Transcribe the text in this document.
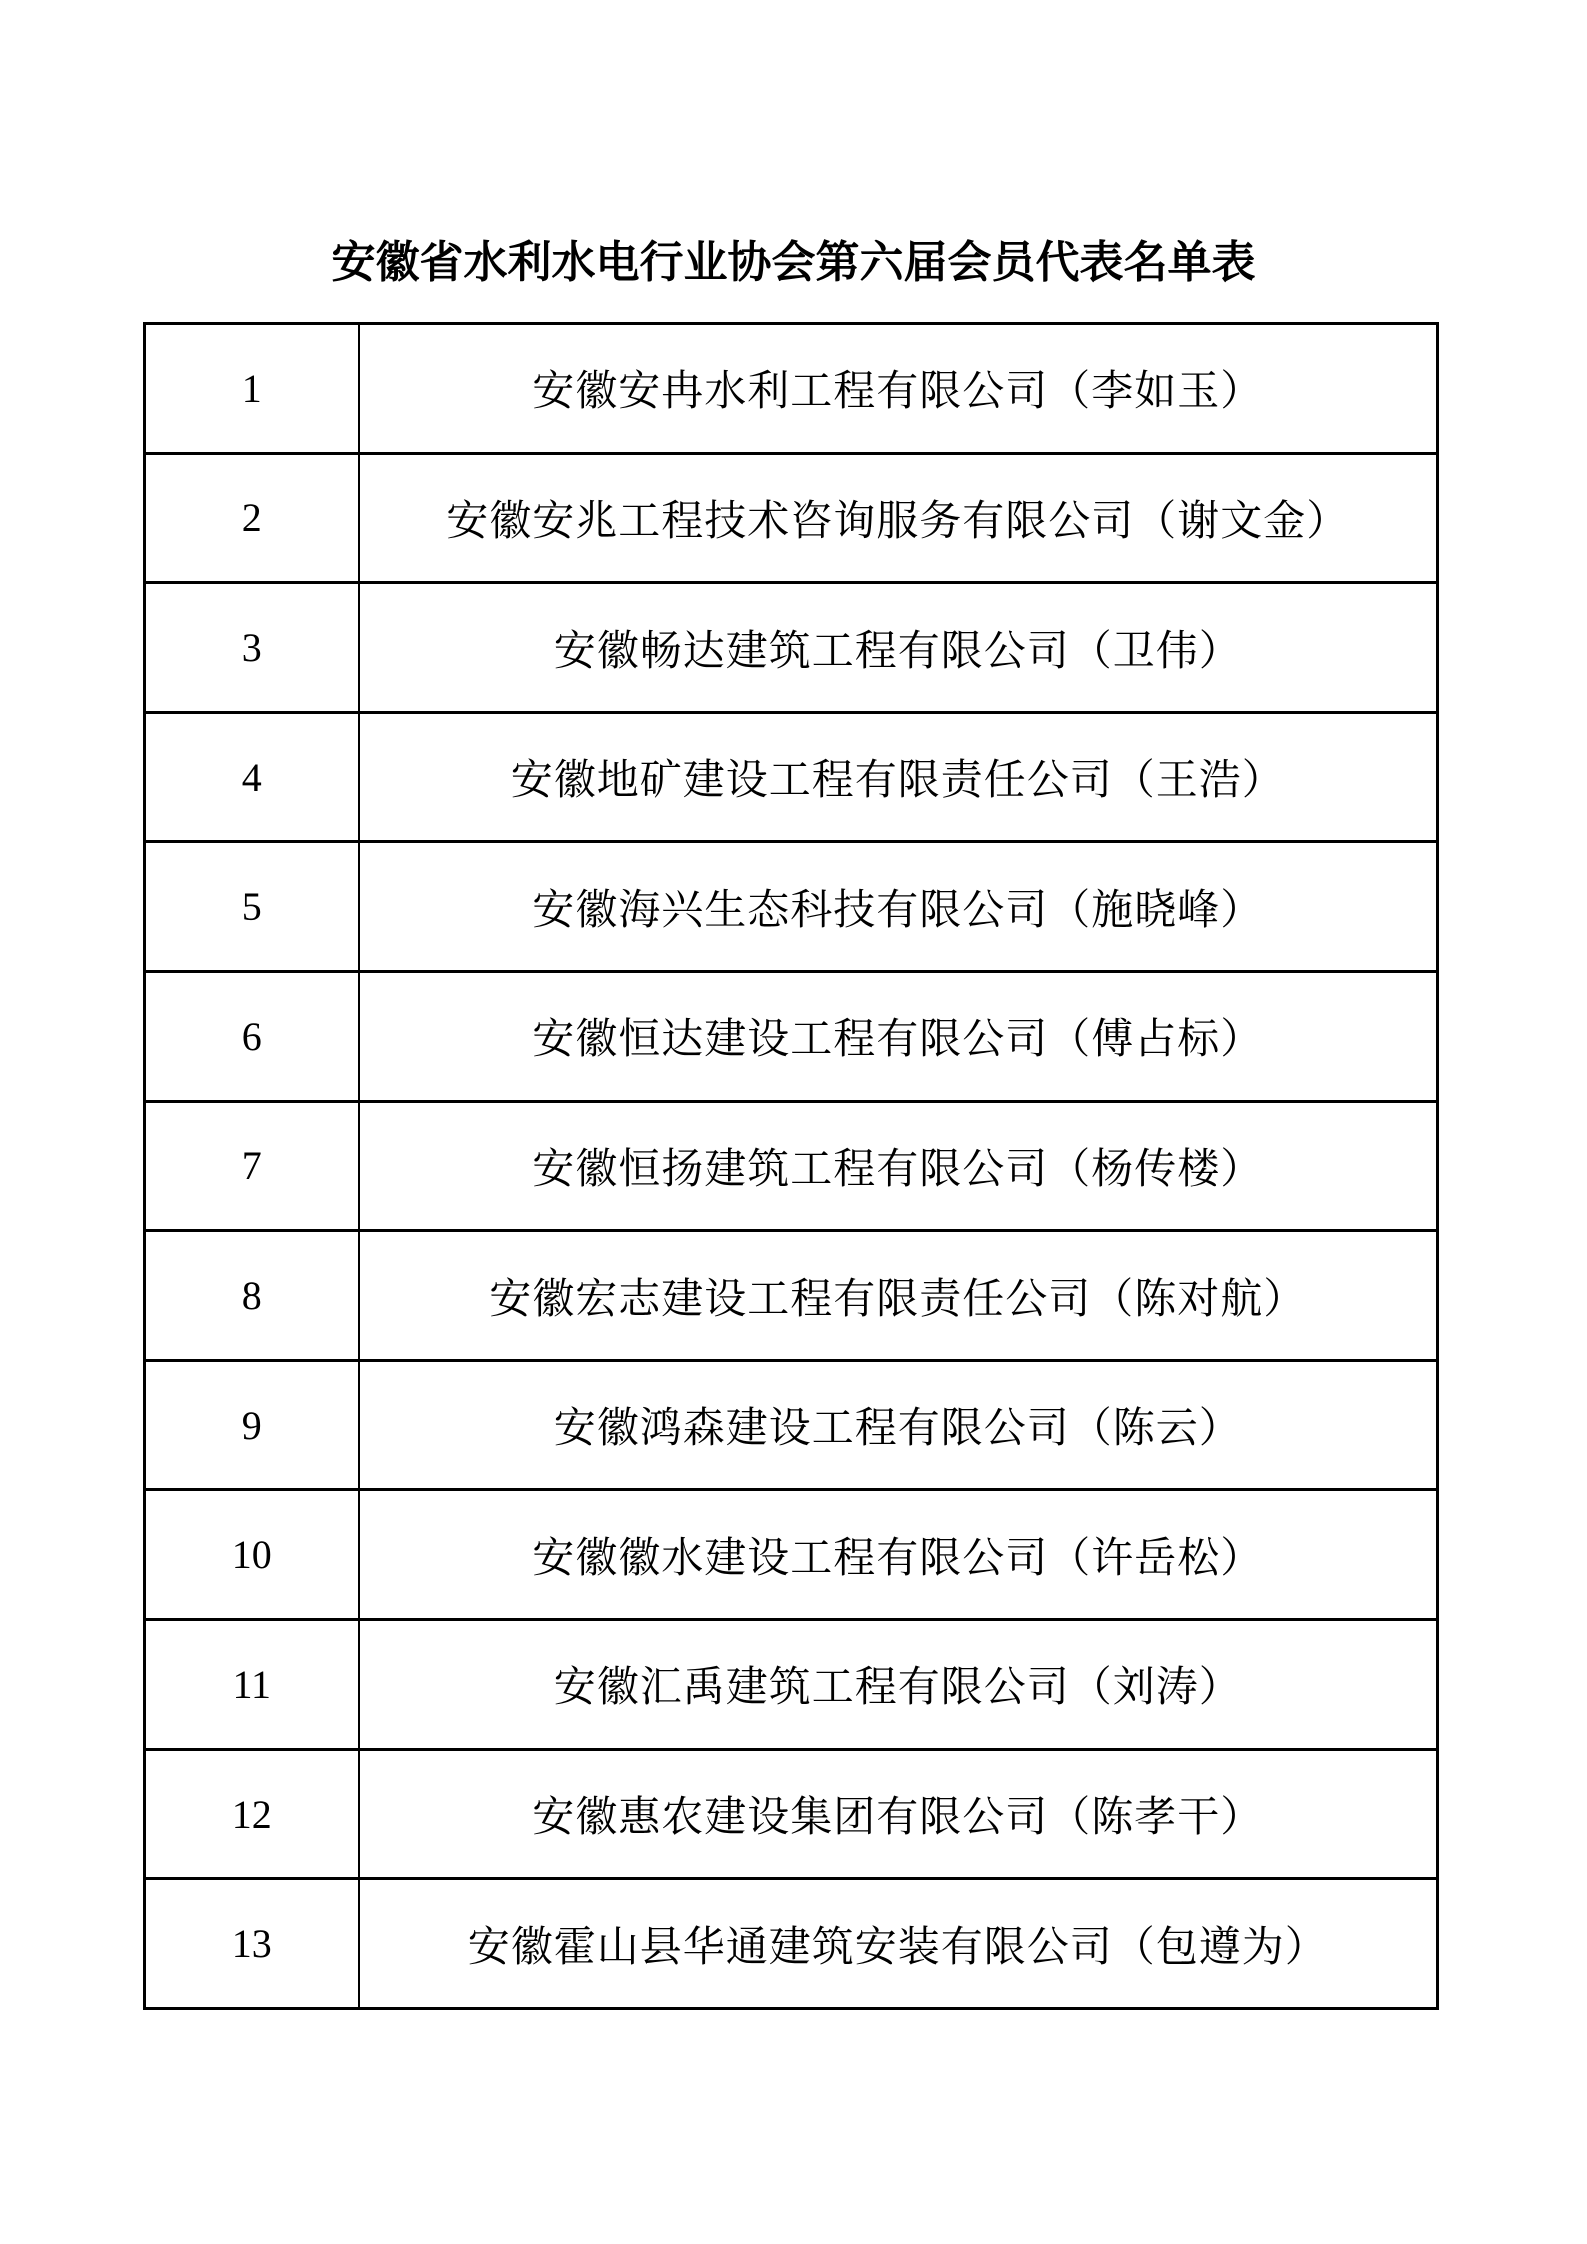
安徽省水利水电行业协会第六届会员代表名单表
1	安徽安冉水利工程有限公司（李如玉）
2	安徽安兆工程技术咨询服务有限公司（谢文金）
3	安徽畅达建筑工程有限公司（卫伟）
4	安徽地矿建设工程有限责任公司（王浩）
5	安徽海兴生态科技有限公司（施晓峰）
6	安徽恒达建设工程有限公司（傅占标）
7	安徽恒扬建筑工程有限公司（杨传楼）
8	安徽宏志建设工程有限责任公司（陈对航）
9	安徽鸿森建设工程有限公司（陈云）
10	安徽徽水建设工程有限公司（许岳松）
11	安徽汇禹建筑工程有限公司（刘涛）
12	安徽惠农建设集团有限公司（陈孝干）
13	安徽霍山县华通建筑安装有限公司（包遵为）
